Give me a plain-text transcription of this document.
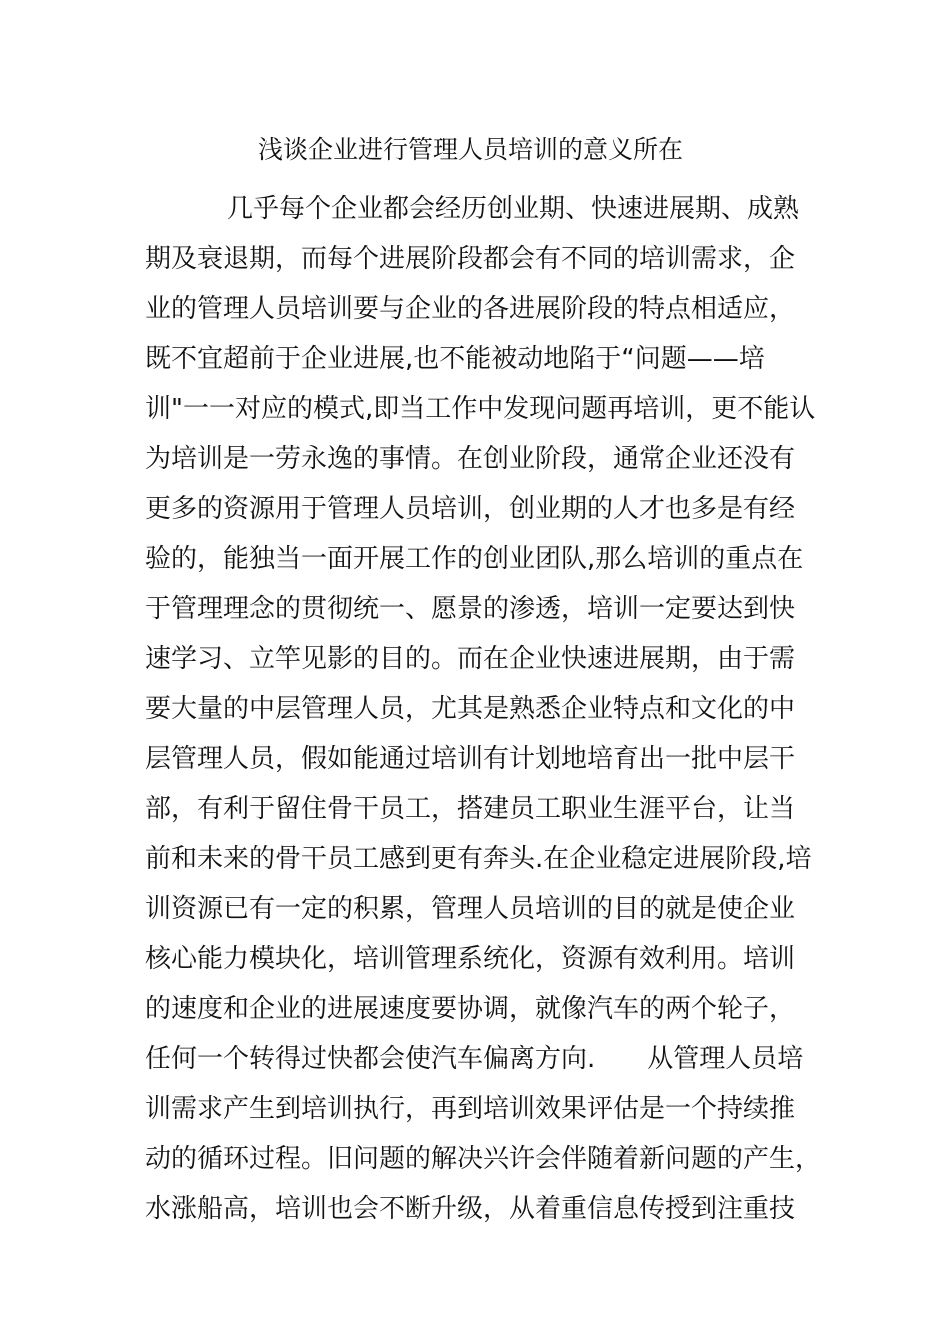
浅谈企业进行管理人员培训的意义所在
几乎每个企业都会经历创业期、快速进展期、成熟
期及衰退期，而每个进展阶段都会有不同的培训需求，企
业的管理人员培训要与企业的各进展阶段的特点相适应，
既不宜超前于企业进展,也不能被动地陷于“问题——培
训"一一对应的模式,即当工作中发现问题再培训，更不能认
为培训是一劳永逸的事情。在创业阶段，通常企业还没有
更多的资源用于管理人员培训，创业期的人才也多是有经
验的，能独当一面开展工作的创业团队,那么培训的重点在
于管理理念的贯彻统一、愿景的渗透，培训一定要达到快
速学习、立竿见影的目的。而在企业快速进展期，由于需
要大量的中层管理人员，尤其是熟悉企业特点和文化的中
层管理人员，假如能通过培训有计划地培育出一批中层干
部，有利于留住骨干员工，搭建员工职业生涯平台，让当
前和未来的骨干员工感到更有奔头.在企业稳定进展阶段,培
训资源已有一定的积累，管理人员培训的目的就是使企业
核心能力模块化，培训管理系统化，资源有效利用。培训
的速度和企业的进展速度要协调，就像汽车的两个轮子，
任何一个转得过快都会使汽车偏离方向.　　从管理人员培
训需求产生到培训执行，再到培训效果评估是一个持续推
动的循环过程。旧问题的解决兴许会伴随着新问题的产生，
水涨船高，培训也会不断升级，从着重信息传授到注重技
